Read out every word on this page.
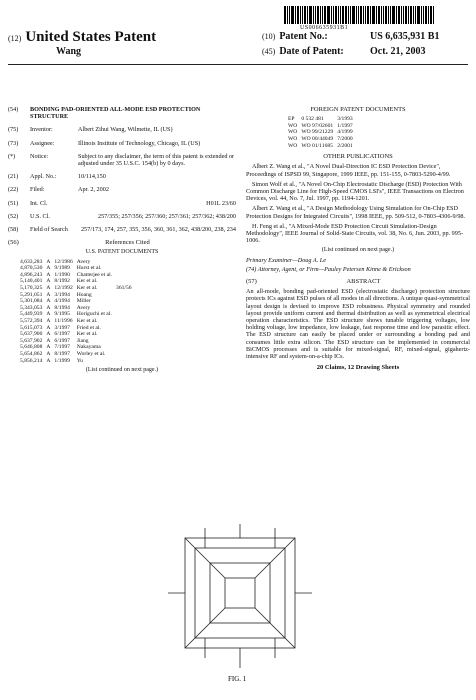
US006635931B1
(12) United States Patent
Wang
(10) Patent No.:	US 6,635,931 B1
(45) Date of Patent:	Oct. 21, 2003
(54)	BONDING PAD-ORIENTED ALL-MODE ESD PROTECTION STRUCTURE
(75)	Inventor:	Albert Zihui Wang, Wilmette, IL (US)
(73)	Assignee:	Illinois Institute of Technology, Chicago, IL (US)
(*)	Notice:	Subject to any disclaimer, the term of this patent is extended or adjusted under 35 U.S.C. 154(b) by 0 days.
(21)	Appl. No.:	10/114,150
(22)	Filed:	Apr. 2, 2002
(51)	Int. Cl.	H01L 23/60
(52)	U.S. Cl.	257/355; 257/356; 257/360; 257/361; 257/362; 438/200
(58)	Field of Search	257/173, 174, 257, 355, 356, 360, 361, 362, 438/200, 238, 234
(56)	References Cited
U.S. PATENT DOCUMENTS
4,633,283	A	12/1986	Avery	
4,870,530	A	9/1989	Hurst et al.	
4,896,243	A	1/1990	Chatterjee et al.	
5,140,401	A	8/1992	Ker et al.	
5,170,325	A	12/1992	Ker et al.	361/56
5,291,051	A	3/1994	Hoang	
5,301,084	A	4/1994	Miller	
5,343,053	A	8/1994	Avery	
5,449,939	A	9/1995	Horiguchi et al.	
5,572,394	A	11/1996	Ker et al.	
5,615,073	A	3/1997	Fried et al.	
5,637,900	A	6/1997	Ker et al.	
5,637,902	A	6/1997	Jiang	
5,646,808	A	7/1997	Nakayama	
5,654,862	A	8/1997	Worley et al.	
5,856,214	A	1/1999	Yu	
(List continued on next page.)
FOREIGN PATENT DOCUMENTS
EP	0 532 481	3/1993
WO	WO 97/02601	1/1997
WO	WO 99/21229	4/1999
WO	WO 00/44049	7/2000
WO	WO 01/11685	2/2001
OTHER PUBLICATIONS

Albert Z. Wang et al., "A Novel Dual-Direction IC ESD Protection Device", Proceedings of ISPSD 99, Singapore, 1999 IEEE, pp. 151-155, 0-7803-5290-4/99.

Simon Wolf et al., "A Novel On-Chip Electrostatic Discharge (ESD) Protection With Common Discharge Line for High-Speed CMOS LSI's", IEEE Transactions on Electron Devices, vol. 44, No. 7, Jul. 1997, pp. 1194-1201.

Albert Z. Wang et al., "A Design Methodology Using Simulation for On-Chip ESD Protection Designs for Integrated Circuits", 1998 IEEE, pp. 509-512, 0-7803-4306-9/98.

H. Feng et al., "A Mixed-Mode ESD Protection Circuit Simulation-Design Methodology", IEEE Journal of Solid-State Circuits, vol. 38, No. 6, Jun. 2003, pp. 995-1006.

(List continued on next page.)
Primary Examiner—Doug A. Le
(74) Attorney, Agent, or Firm—Pauley Petersen Kinne & Erickson
(57)	ABSTRACT
An all-mode, bonding pad-oriented ESD (electrostatic discharge) protection structure protects ICs against ESD pulses of all modes in all directions. A unique quasi-symmetrical layout design is devised to improve ESD robustness. Physical symmetry and rounded layout provide uniform current and thermal distribution as well as symmetrical electrical operation characteristics. The ESD structure shows tunable triggering voltages, low holding voltage, low impedance, low leakage, fast response time and low parasitic effect. The ESD structure can easily be placed under or surrounding a bonding pad and consumes little extra silicon. The ESD structure can be implemented in commercial BiCMOS processes and is suitable for mixed-signal, RF, mixed-signal, gigahertz-intensive RF and system-on-a-chip ICs.
20 Claims, 12 Drawing Sheets
FIG. 1
